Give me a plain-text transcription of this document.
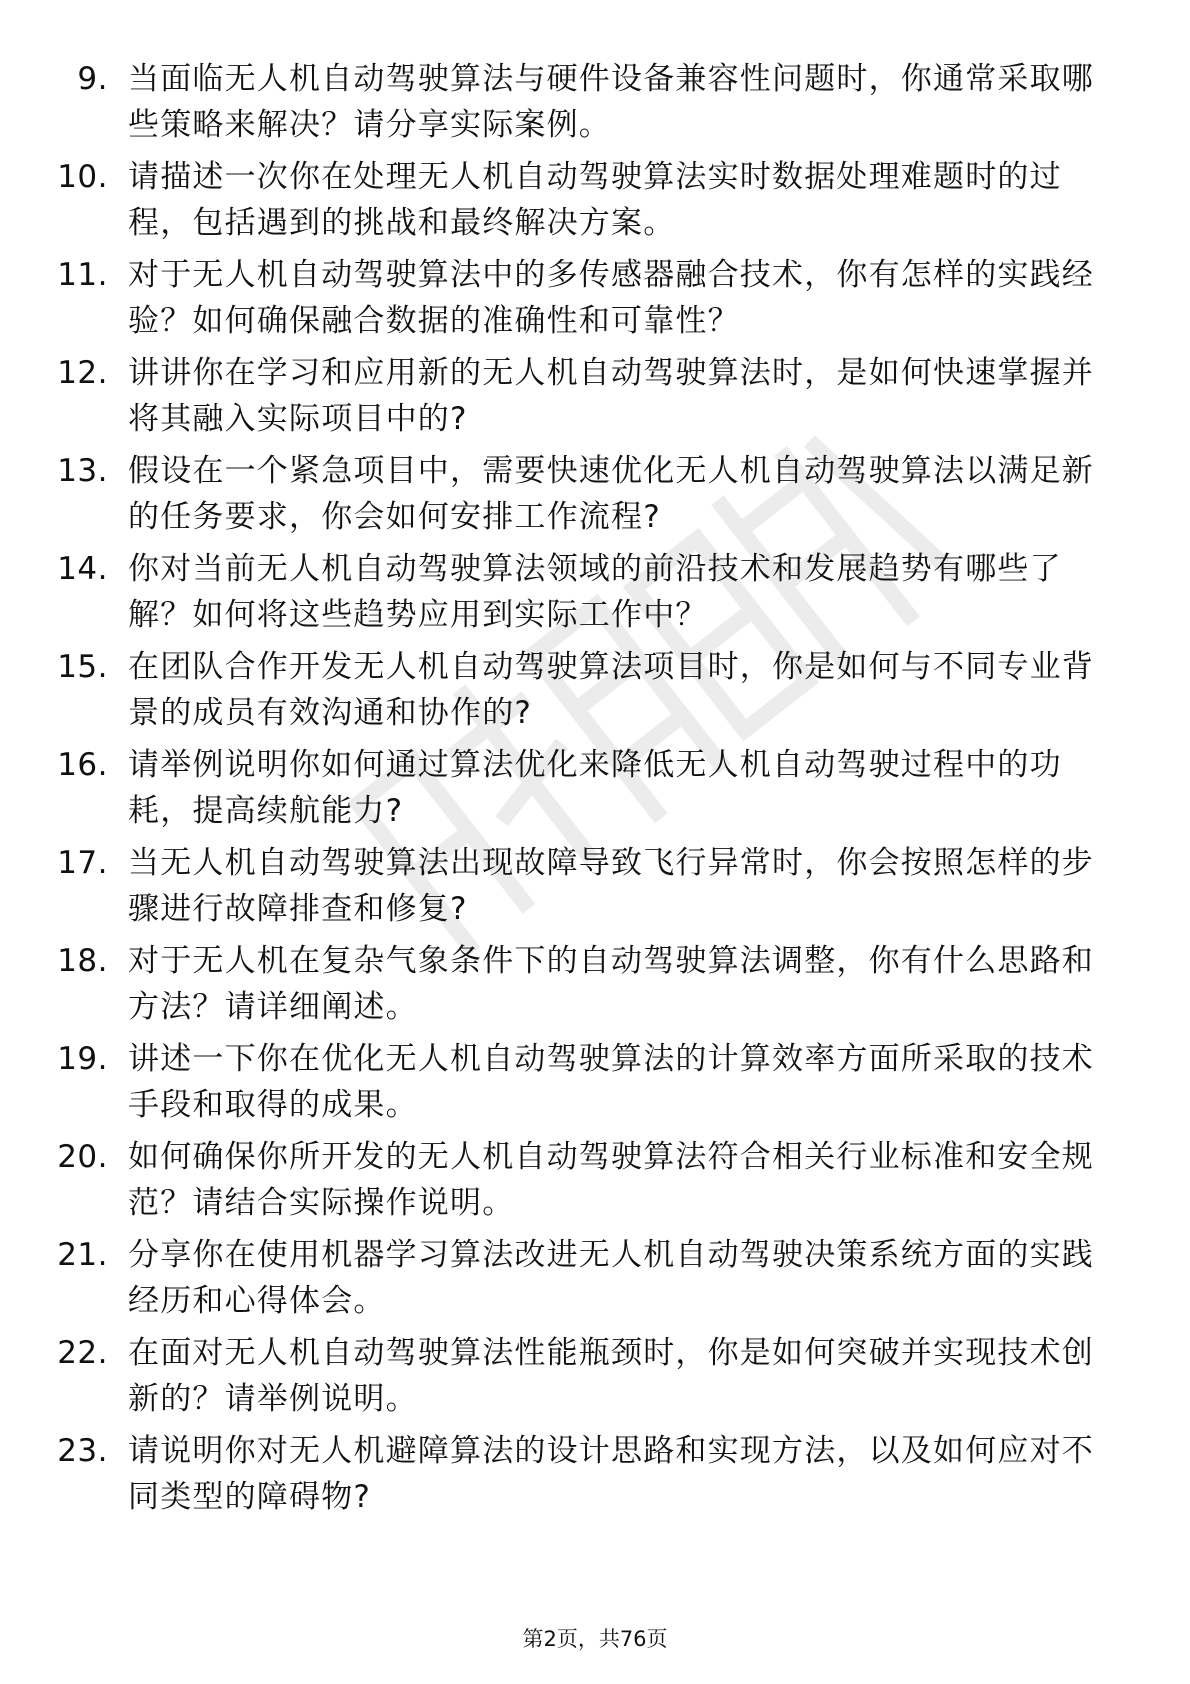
9. 当面临无人机自动驾驶算法与硬件设备兼容性问题时，你通常采取哪些策略来解决？请分享实际案例。
10. 请描述一次你在处理无人机自动驾驶算法实时数据处理难题时的过程，包括遇到的挑战和最终解决方案。
11. 对于无人机自动驾驶算法中的多传感器融合技术，你有怎样的实践经验？如何确保融合数据的准确性和可靠性？
12. 讲讲你在学习和应用新的无人机自动驾驶算法时，是如何快速掌握并将其融入实际项目中的?
13. 假设在一个紧急项目中，需要快速优化无人机自动驾驶算法以满足新的任务要求，你会如何安排工作流程?
14. 你对当前无人机自动驾驶算法领域的前沿技术和发展趋势有哪些了解？如何将这些趋势应用到实际工作中？
15. 在团队合作开发无人机自动驾驶算法项目时，你是如何与不同专业背景的成员有效沟通和协作的?
16. 请举例说明你如何通过算法优化来降低无人机自动驾驶过程中的功耗，提高续航能力?
17. 当无人机自动驾驶算法出现故障导致飞行异常时，你会按照怎样的步骤进行故障排查和修复?
18. 对于无人机在复杂气象条件下的自动驾驶算法调整，你有什么思路和方法？请详细阐述。
19. 讲述一下你在优化无人机自动驾驶算法的计算效率方面所采取的技术手段和取得的成果。
20. 如何确保你所开发的无人机自动驾驶算法符合相关行业标准和安全规范？请结合实际操作说明。
21. 分享你在使用机器学习算法改进无人机自动驾驶决策系统方面的实践经历和心得体会。
22. 在面对无人机自动驾驶算法性能瓶颈时，你是如何突破并实现技术创新的？请举例说明。
23. 请说明你对无人机避障算法的设计思路和实现方法，以及如何应对不同类型的障碍物?
第2页，共76页
